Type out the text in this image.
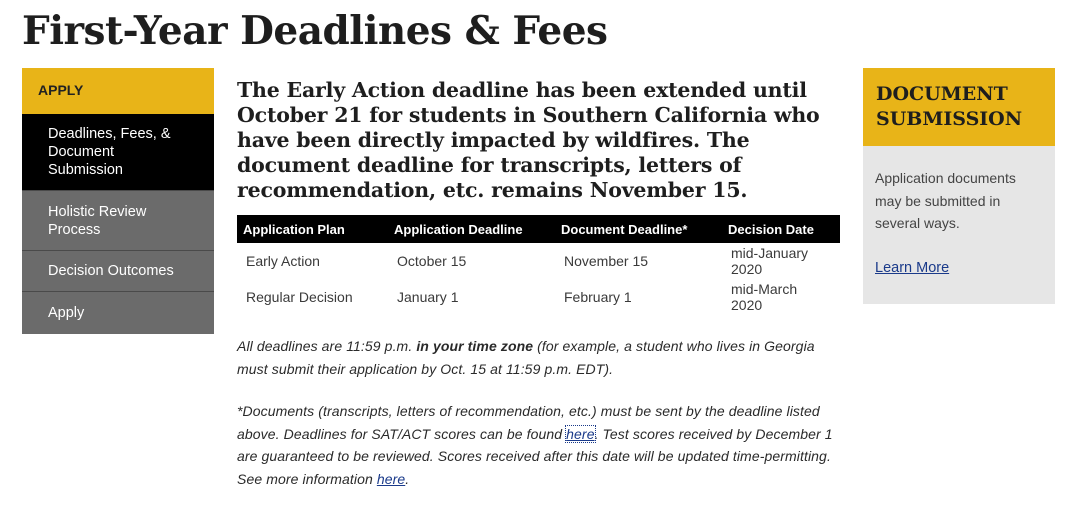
First-Year Deadlines & Fees
APPLY
Deadlines, Fees, & Document Submission
Holistic Review Process
Decision Outcomes
Apply

The Early Action deadline has been extended until October 21 for students in Southern California who have been directly impacted by wildfires. The document deadline for transcripts, letters of recommendation, etc. remains November 15.

Application Plan	Application Deadline	Document Deadline*	Decision Date
Early Action	October 15	November 15	mid-January 2020
Regular Decision	January 1	February 1	mid-March 2020

All deadlines are 11:59 p.m. in your time zone (for example, a student who lives in Georgia must submit their application by Oct. 15 at 11:59 p.m. EDT).

*Documents (transcripts, letters of recommendation, etc.) must be sent by the deadline listed above. Deadlines for SAT/ACT scores can be found here. Test scores received by December 1 are guaranteed to be reviewed. Scores received after this date will be updated time-permitting. See more information here.

DOCUMENT SUBMISSION
Application documents may be submitted in several ways.
Learn More
